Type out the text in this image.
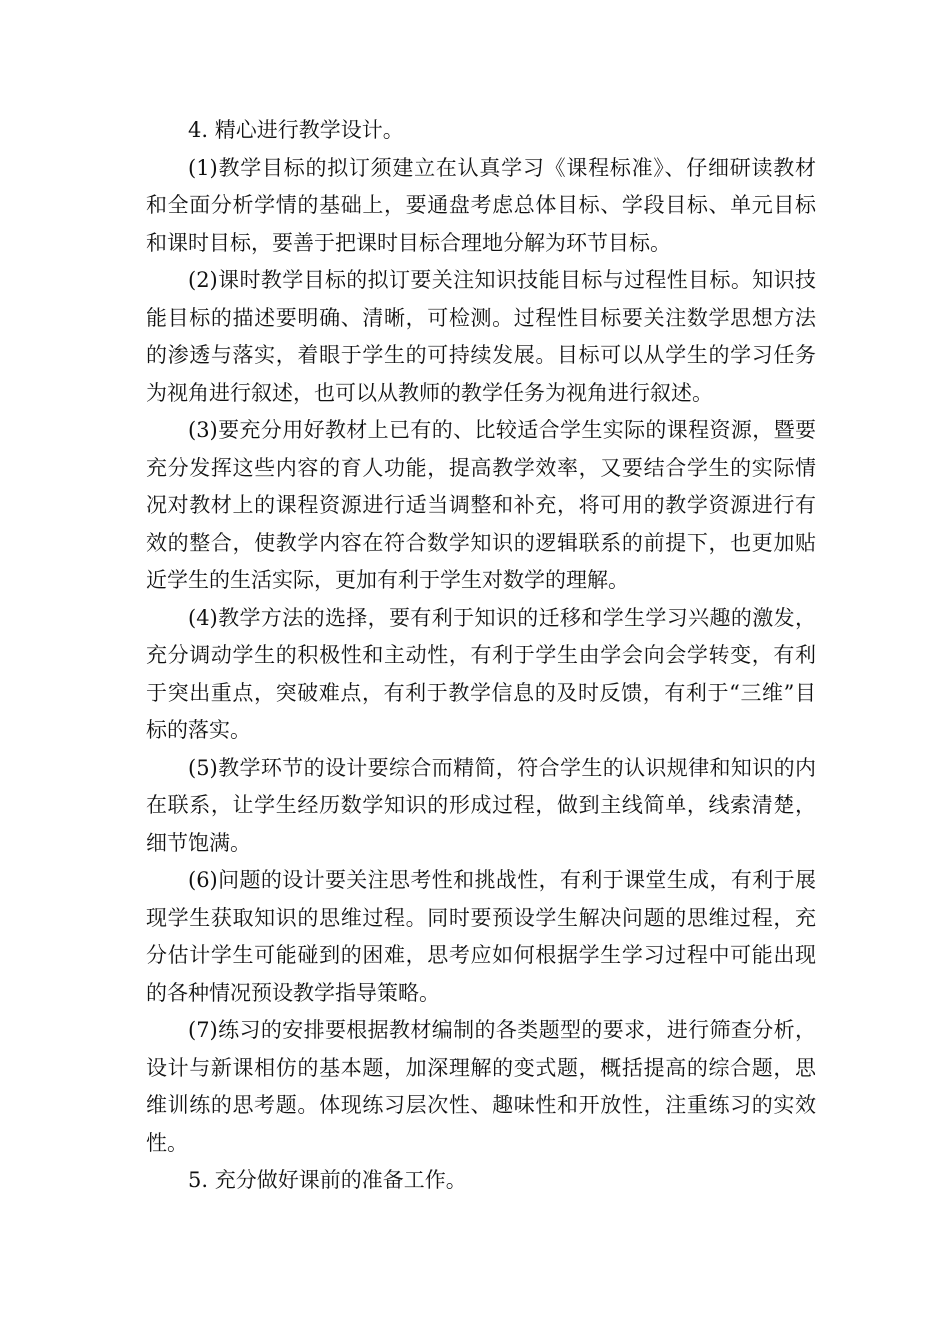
4. 精心进行教学设计。

(1)教学目标的拟订须建立在认真学习《课程标准》、仔细研读教材和全面分析学情的基础上，要通盘考虑总体目标、学段目标、单元目标和课时目标，要善于把课时目标合理地分解为环节目标。

(2)课时教学目标的拟订要关注知识技能目标与过程性目标。知识技能目标的描述要明确、清晰，可检测。过程性目标要关注数学思想方法的渗透与落实，着眼于学生的可持续发展。目标可以从学生的学习任务为视角进行叙述，也可以从教师的教学任务为视角进行叙述。

(3)要充分用好教材上已有的、比较适合学生实际的课程资源，暨要充分发挥这些内容的育人功能，提高教学效率，又要结合学生的实际情况对教材上的课程资源进行适当调整和补充，将可用的教学资源进行有效的整合，使教学内容在符合数学知识的逻辑联系的前提下，也更加贴近学生的生活实际，更加有利于学生对数学的理解。

(4)教学方法的选择，要有利于知识的迁移和学生学习兴趣的激发，充分调动学生的积极性和主动性，有利于学生由学会向会学转变，有利于突出重点，突破难点，有利于教学信息的及时反馈，有利于“三维”目标的落实。

(5)教学环节的设计要综合而精简，符合学生的认识规律和知识的内在联系，让学生经历数学知识的形成过程，做到主线简单，线索清楚，细节饱满。

(6)问题的设计要关注思考性和挑战性，有利于课堂生成，有利于展现学生获取知识的思维过程。同时要预设学生解决问题的思维过程，充分估计学生可能碰到的困难，思考应如何根据学生学习过程中可能出现的各种情况预设教学指导策略。

(7)练习的安排要根据教材编制的各类题型的要求，进行筛查分析，设计与新课相仿的基本题，加深理解的变式题，概括提高的综合题，思维训练的思考题。体现练习层次性、趣味性和开放性，注重练习的实效性。

5. 充分做好课前的准备工作。
